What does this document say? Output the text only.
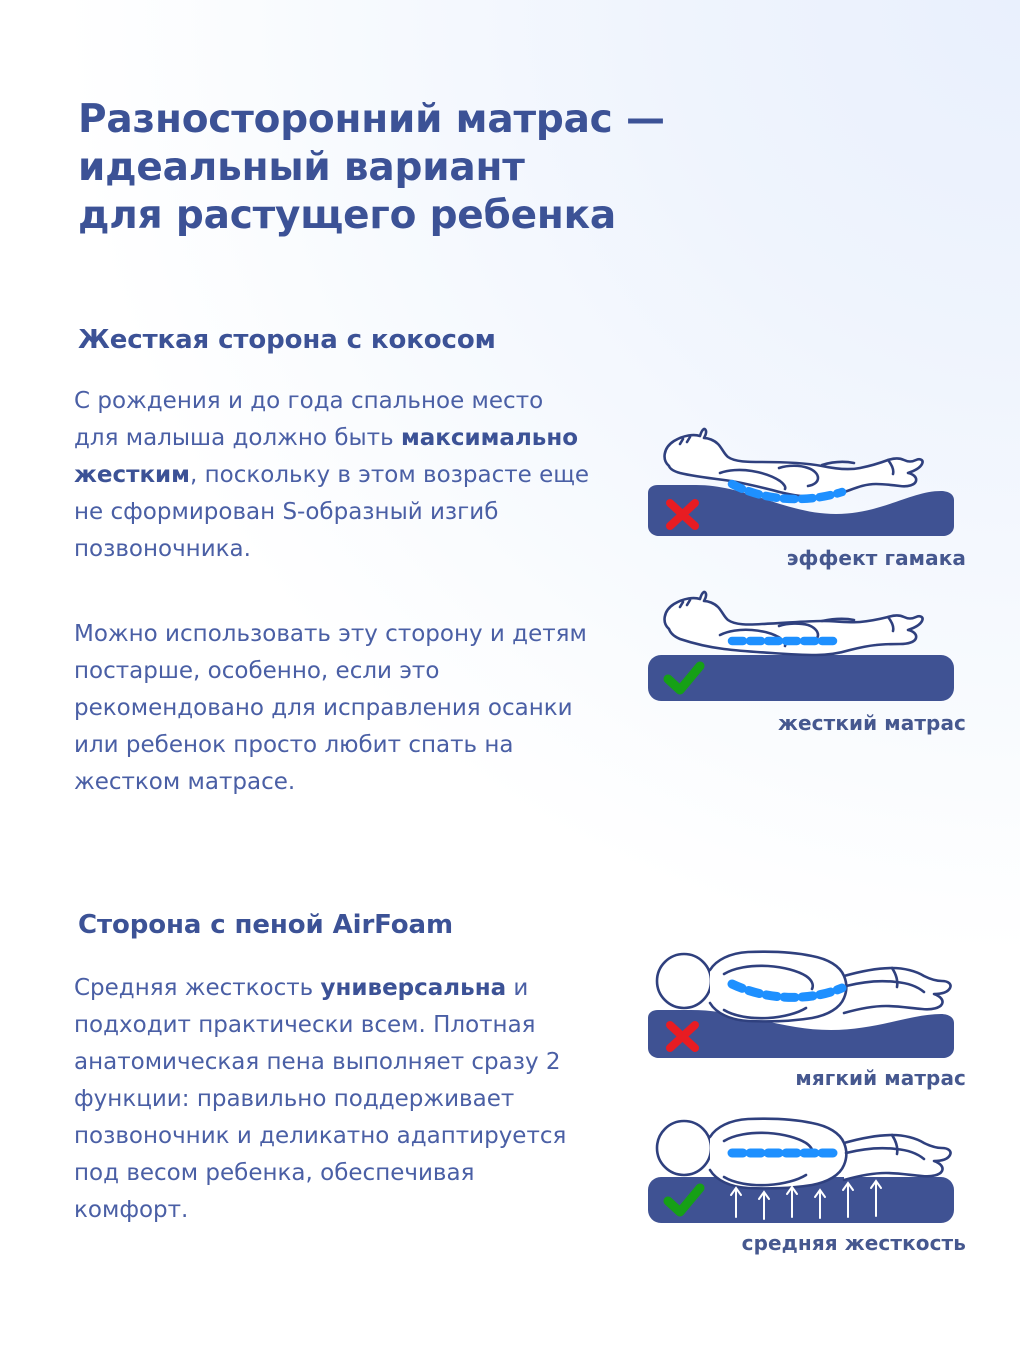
Разносторонний матрас —
идеальный вариант
для растущего ребенка
Жесткая сторона с кокосом

С рождения и до года спальное место для малыша должно быть максимально жестким, поскольку в этом возрасте еще не сформирован S-образный изгиб позвоночника.

Можно использовать эту сторону и детям постарше, особенно, если это рекомендовано для исправления осанки или ребенок просто любит спать на жестком матрасе.

эффект гамака
жесткий матрас
Сторона с пеной AirFoam

Средняя жесткость универсальна и подходит практически всем. Плотная анатомическая пена выполняет сразу 2 функции: правильно поддерживает позвоночник и деликатно адаптируется под весом ребенка, обеспечивая комфорт.

мягкий матрас
средняя жесткость
